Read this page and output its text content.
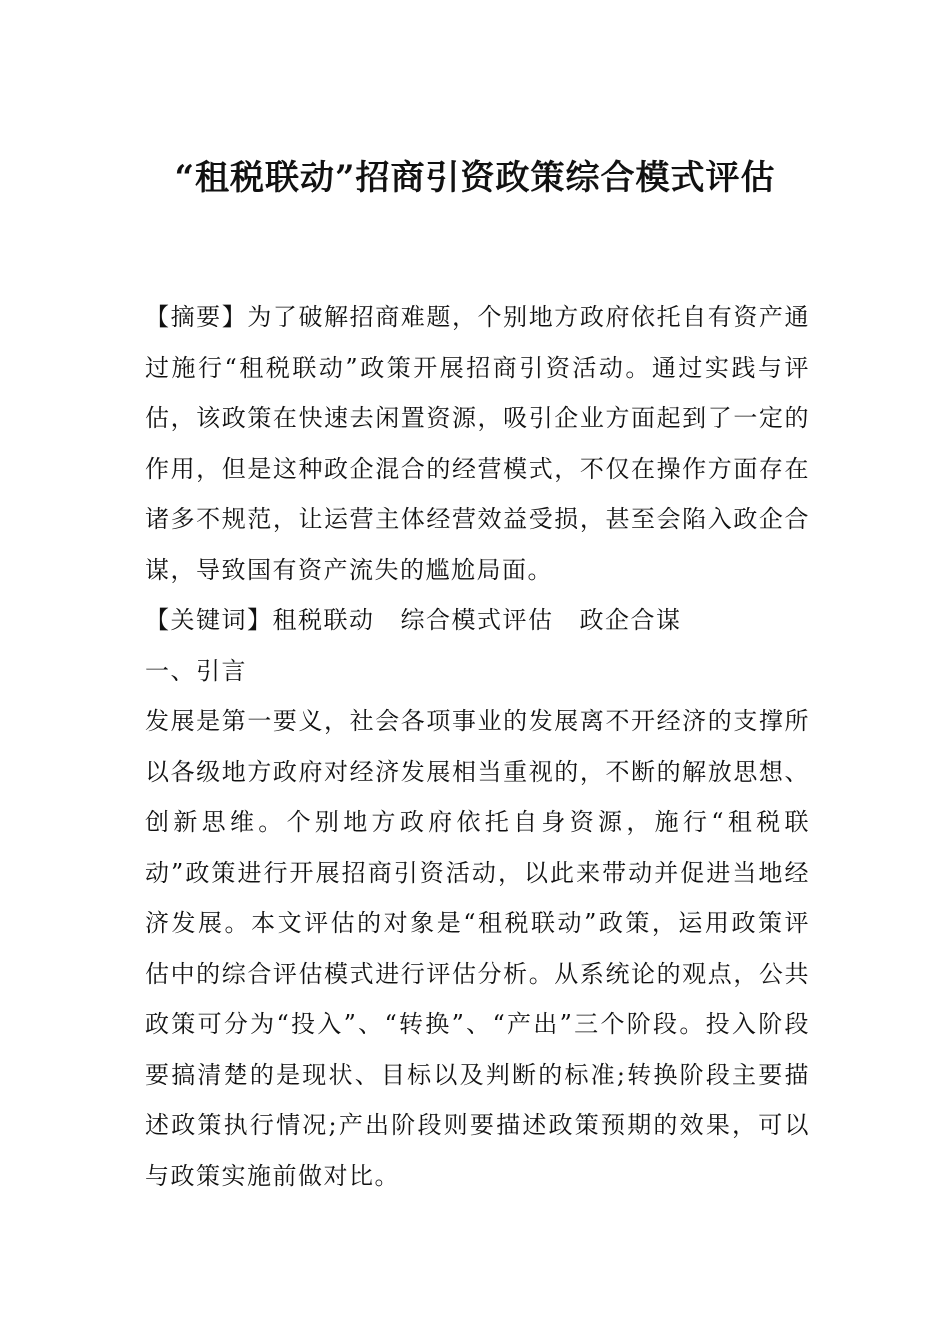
“租税联动”招商引资政策综合模式评估

【摘要】为了破解招商难题，个别地方政府依托自有资产通过施行“租税联动”政策开展招商引资活动。通过实践与评估，该政策在快速去闲置资源，吸引企业方面起到了一定的作用，但是这种政企混合的经营模式，不仅在操作方面存在诸多不规范，让运营主体经营效益受损，甚至会陷入政企合谋，导致国有资产流失的尴尬局面。

【关键词】租税联动 综合模式评估 政企合谋

一、引言

发展是第一要义，社会各项事业的发展离不开经济的支撑所以各级地方政府对经济发展相当重视的，不断的解放思想、创新思维。个别地方政府依托自身资源，施行“租税联动”政策进行开展招商引资活动，以此来带动并促进当地经济发展。本文评估的对象是“租税联动”政策，运用政策评估中的综合评估模式进行评估分析。从系统论的观点，公共政策可分为“投入”、“转换”、“产出”三个阶段。投入阶段要搞清楚的是现状、目标以及判断的标准;转换阶段主要描述政策执行情况;产出阶段则要描述政策预期的效果，可以与政策实施前做对比。
